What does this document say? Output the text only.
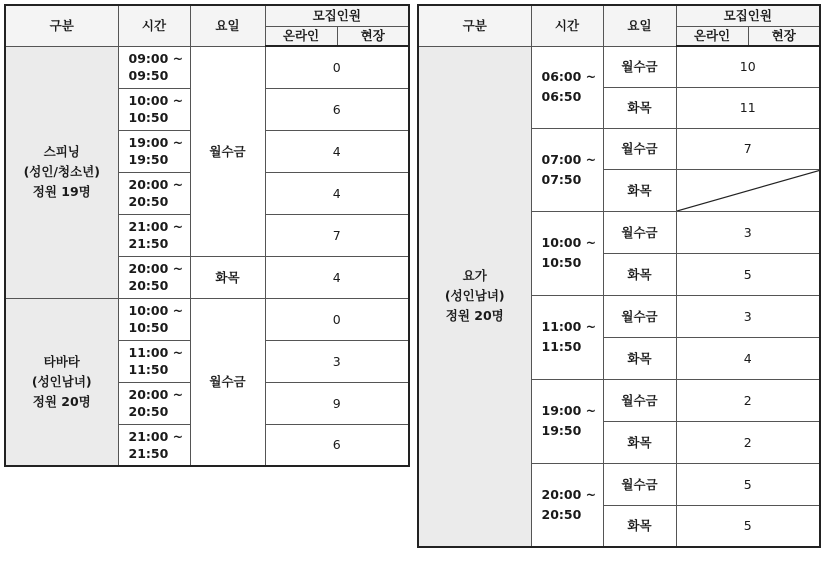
구분	시간	요일	모집인원	
			온라인	현장

스피닝
(성인/청소년)
정원 19명	09:00 ~
09:50	월수금	0	

	10:00 ~
10:50		6	

	19:00 ~
19:50		4	

	20:00 ~
20:50		4	

	21:00 ~
21:50		7	

	20:00 ~
20:50	화목	4	

타바타
(성인남녀)
정원 20명	10:00 ~
10:50	월수금	0	

	11:00 ~
11:50		3	

	20:00 ~
20:50		9	

	21:00 ~
21:50		6	
구분	시간	요일	모집인원	
			온라인	현장

요가
(성인남녀)
정원 20명	06:00 ~
06:50	월수금	10	
		화목	11	

	07:00 ~
07:50	월수금	7	
		화목	

	10:00 ~
10:50	월수금	3	
		화목	5	

	11:00 ~
11:50	월수금	3	
		화목	4	

	19:00 ~
19:50	월수금	2	
		화목	2	

	20:00 ~
20:50	월수금	5	
		화목	5	
